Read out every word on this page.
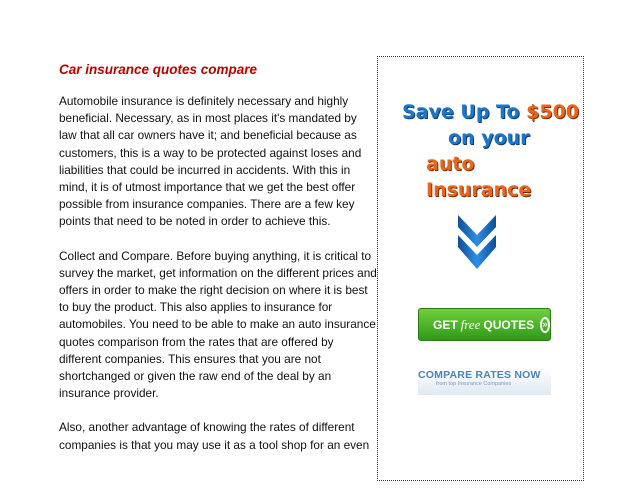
Car insurance quotes compare

Automobile insurance is definitely necessary and highly beneficial. Necessary, as in most places it's mandated by law that all car owners have it; and beneficial because as customers, this is a way to be protected against loses and liabilities that could be incurred in accidents. With this in mind, it is of utmost importance that we get the best offer possible from insurance companies. There are a few key points that need to be noted in order to achieve this.

Collect and Compare. Before buying anything, it is critical to survey the market, get information on the different prices and offers in order to make the right decision on where it is best to buy the product. This also applies to insurance for automobiles. You need to be able to make an auto insurance quotes comparison from the rates that are offered by different companies. This ensures that you are not shortchanged or given the raw end of the deal by an insurance provider.

Also, another advantage of knowing the rates of different companies is that you may use it as a tool shop for an even

Save Up To $500
on your
auto Insurance
GET free QUOTES »
COMPARE RATES NOW
from top Insurance Companies
